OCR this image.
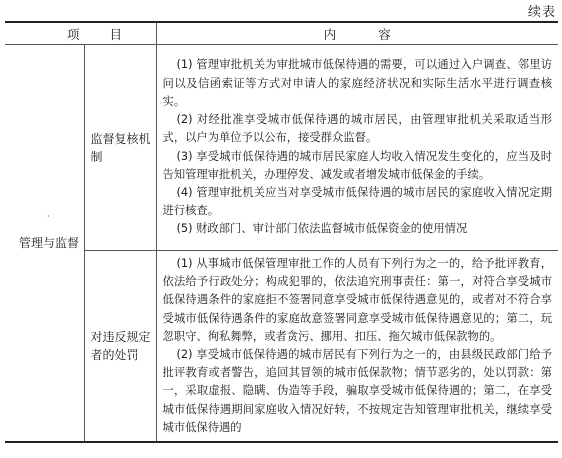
续表
项目		内容
管理与监督	监督复核机制	(1) 管理审批机关为审批城市低保待遇的需要，可以通过入户调查、邻里访问以及信函索证等方式对申请人的家庭经济状况和实际生活水平进行调查核实。

(2) 对经批准享受城市低保待遇的城市居民，由管理审批机关采取适当形式，以户为单位予以公布，接受群众监督。

(3) 享受城市低保待遇的城市居民家庭人均收入情况发生变化的，应当及时告知管理审批机关，办理停发、减发或者增发城市低保金的手续。

(4) 管理审批机关应当对享受城市低保待遇的城市居民的家庭收入情况定期进行核查。

(5) 财政部门、审计部门依法监督城市低保资金的使用情况

	对违反规定者的处罚	(1) 从事城市低保管理审批工作的人员有下列行为之一的，给予批评教育，依法给予行政处分；构成犯罪的，依法追究刑事责任：第一，对符合享受城市低保待遇条件的家庭拒不签署同意享受城市低保待遇意见的，或者对不符合享受城市低保待遇条件的家庭故意签署同意享受城市低保待遇意见的；第二，玩忽职守、徇私舞弊，或者贪污、挪用、扣压、拖欠城市低保款物的。

(2) 享受城市低保待遇的城市居民有下列行为之一的，由县级民政部门给予批评教育或者警告，追回其冒领的城市低保款物；情节恶劣的，处以罚款：第一，采取虚报、隐瞒、伪造等手段，骗取享受城市低保待遇的；第二，在享受城市低保待遇期间家庭收入情况好转，不按规定告知管理审批机关，继续享受城市低保待遇的

·
